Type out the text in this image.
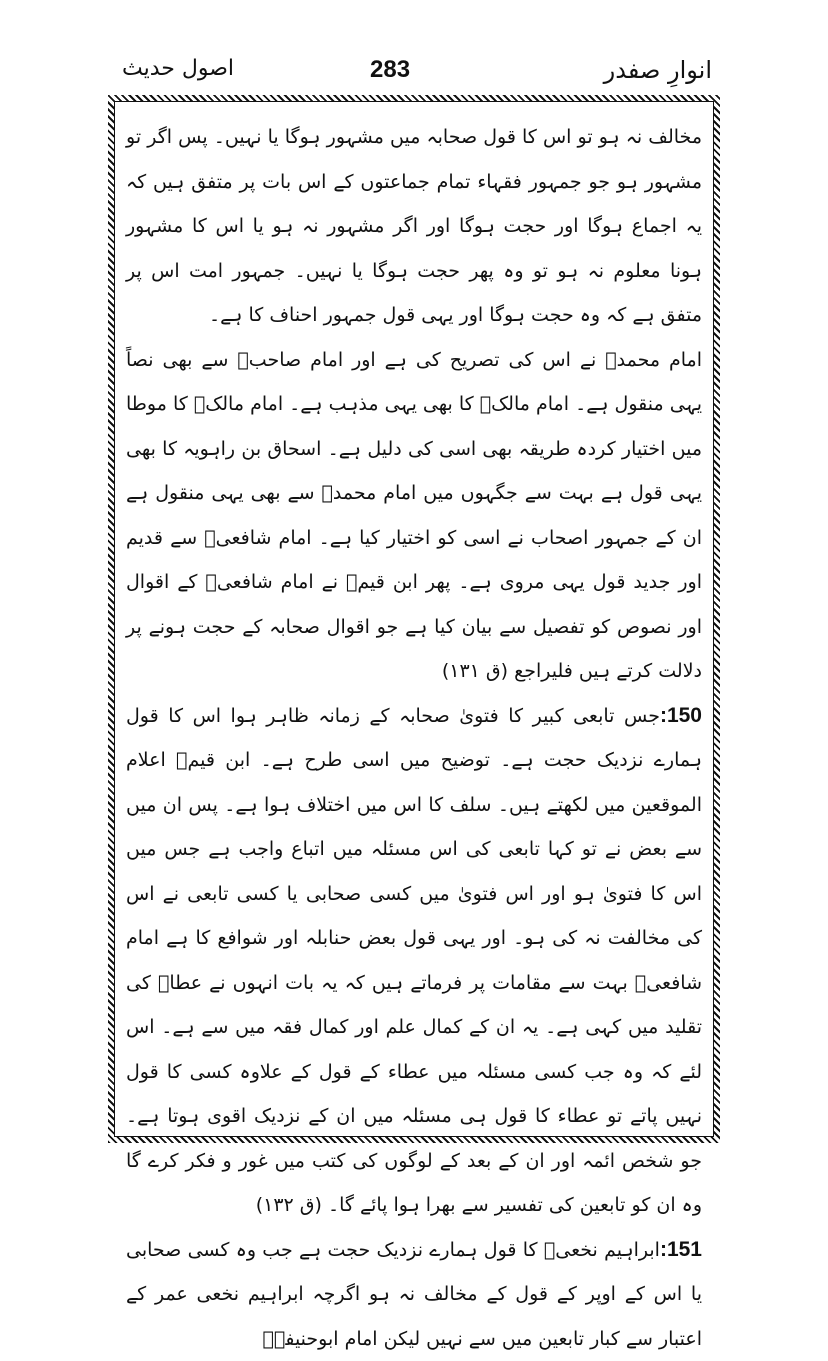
انوارِ صفدر
283
اصول حدیث

مخالف نہ ہو تو اس کا قول صحابہ میں مشہور ہوگا یا نہیں۔ پس اگر تو مشہور ہو جو جمہور فقہاء تمام جماعتوں کے اس بات پر متفق ہیں کہ یہ اجماع ہوگا اور حجت ہوگا اور اگر مشہور نہ ہو یا اس کا مشہور ہونا معلوم نہ ہو تو وہ پھر حجت ہوگا یا نہیں۔ جمہور امت اس پر متفق ہے کہ وہ حجت ہوگا اور یہی قول جمہور احناف کا ہے۔

امام محمدؒ نے اس کی تصریح کی ہے اور امام صاحبؒ سے بھی نصاً یہی منقول ہے۔ امام مالکؒ کا بھی یہی مذہب ہے۔ امام مالکؒ کا موطا میں اختیار کردہ طریقہ بھی اسی کی دلیل ہے۔ اسحاق بن راہویہ کا بھی یہی قول ہے بہت سے جگہوں میں امام محمدؒ سے بھی یہی منقول ہے ان کے جمہور اصحاب نے اسی کو اختیار کیا ہے۔ امام شافعیؒ سے قدیم اور جدید قول یہی مروی ہے۔ پھر ابن قیمؒ نے امام شافعیؒ کے اقوال اور نصوص کو تفصیل سے بیان کیا ہے جو اقوال صحابہ کے حجت ہونے پر دلالت کرتے ہیں فلیراجع (ق ۱۳۱)

150:جس تابعی کبیر کا فتویٰ صحابہ کے زمانہ ظاہر ہوا اس کا قول ہمارے نزدیک حجت ہے۔ توضیح میں اسی طرح ہے۔ ابن قیمؒ اعلام الموقعین میں لکھتے ہیں۔ سلف کا اس میں اختلاف ہوا ہے۔ پس ان میں سے بعض نے تو کہا تابعی کی اس مسئلہ میں اتباع واجب ہے جس میں اس کا فتویٰ ہو اور اس فتویٰ میں کسی صحابی یا کسی تابعی نے اس کی مخالفت نہ کی ہو۔ اور یہی قول بعض حنابلہ اور شوافع کا ہے امام شافعیؒ بہت سے مقامات پر فرماتے ہیں کہ یہ بات انہوں نے عطاؒ کی تقلید میں کہی ہے۔ یہ ان کے کمال علم اور کمال فقہ میں سے ہے۔ اس لئے کہ وہ جب کسی مسئلہ میں عطاء کے قول کے علاوہ کسی کا قول نہیں پاتے تو عطاء کا قول ہی مسئلہ میں ان کے نزدیک اقوی ہوتا ہے۔ جو شخص ائمہ اور ان کے بعد کے لوگوں کی کتب میں غور و فکر کرے گا وہ ان کو تابعین کی تفسیر سے بھرا ہوا پائے گا۔ (ق ۱۳۲)

151:ابراہیم نخعیؒ کا قول ہمارے نزدیک حجت ہے جب وہ کسی صحابی یا اس کے اوپر کے قول کے مخالف نہ ہو اگرچہ ابراہیم نخعی عمر کے اعتبار سے کبار تابعین میں سے نہیں لیکن امام ابوحنیفہؒ
